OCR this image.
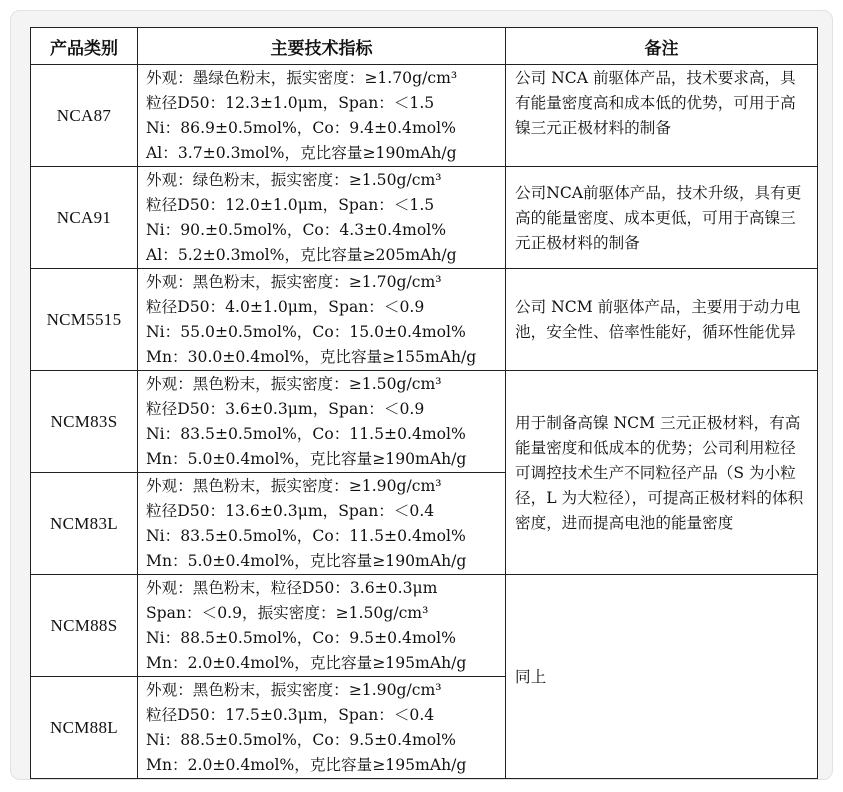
产品类别	主要技术指标	备注
NCA87	外观：墨绿色粉末，振实密度：≥1.70g/cm³
粒径D50：12.3±1.0μm，Span：＜1.5
Ni：86.9±0.5mol%，Co：9.4±0.4mol%
Al：3.7±0.3mol%，克比容量≥190mAh/g	公司 NCA 前驱体产品，技术要求高，具有能量密度高和成本低的优势，可用于高镍三元正极材料的制备
NCA91	外观：绿色粉末，振实密度：≥1.50g/cm³
粒径D50：12.0±1.0μm，Span：＜1.5
Ni：90.±0.5mol%，Co：4.3±0.4mol%
Al：5.2±0.3mol%，克比容量≥205mAh/g	公司NCA前驱体产品，技术升级，具有更高的能量密度、成本更低，可用于高镍三元正极材料的制备
NCM5515	外观：黑色粉末，振实密度：≥1.70g/cm³
粒径D50：4.0±1.0μm，Span：＜0.9
Ni：55.0±0.5mol%，Co：15.0±0.4mol%
Mn：30.0±0.4mol%，克比容量≥155mAh/g	公司 NCM 前驱体产品，主要用于动力电池，安全性、倍率性能好，循环性能优异
NCM83S	外观：黑色粉末，振实密度：≥1.50g/cm³
粒径D50：3.6±0.3μm，Span：＜0.9
Ni：83.5±0.5mol%，Co：11.5±0.4mol%
Mn：5.0±0.4mol%，克比容量≥190mAh/g	用于制备高镍 NCM 三元正极材料，有高能量密度和低成本的优势；公司利用粒径可调控技术生产不同粒径产品（S 为小粒径，L 为大粒径），可提高正极材料的体积密度，进而提高电池的能量密度
NCM83L	外观：黑色粉末，振实密度：≥1.90g/cm³
粒径D50：13.6±0.3μm，Span：＜0.4
Ni：83.5±0.5mol%，Co：11.5±0.4mol%
Mn：5.0±0.4mol%，克比容量≥190mAh/g	

NCM88S	外观：黑色粉末，粒径D50：3.6±0.3μm
Span：＜0.9，振实密度：≥1.50g/cm³
Ni：88.5±0.5mol%，Co：9.5±0.4mol%
Mn：2.0±0.4mol%，克比容量≥195mAh/g	同上
NCM88L	外观：黑色粉末，振实密度：≥1.90g/cm³
粒径D50：17.5±0.3μm，Span：＜0.4
Ni：88.5±0.5mol%，Co：9.5±0.4mol%
Mn：2.0±0.4mol%，克比容量≥195mAh/g	
